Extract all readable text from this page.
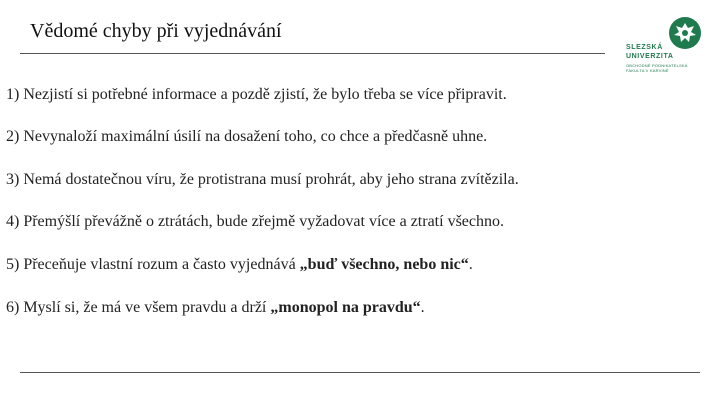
Vědomé chyby při vyjednávání
SLEZSKÁ
UNIVERZITA
OBCHODNĚ PODNIKATELSKÁ
FAKULTA V KARVINÉ
1) Nezjistí si potřebné informace a pozdě zjistí, že bylo třeba se více připravit.
2) Nevynaloží maximální úsilí na dosažení toho, co chce a předčasně uhne.
3) Nemá dostatečnou víru, že protistrana musí prohrát, aby jeho strana zvítězila.
4) Přemýšlí převážně o ztrátách, bude zřejmě vyžadovat více a ztratí všechno.
5) Přeceňuje vlastní rozum a často vyjednává „buď všechno, nebo nic“.
6) Myslí si, že má ve všem pravdu a drží „monopol na pravdu“.
